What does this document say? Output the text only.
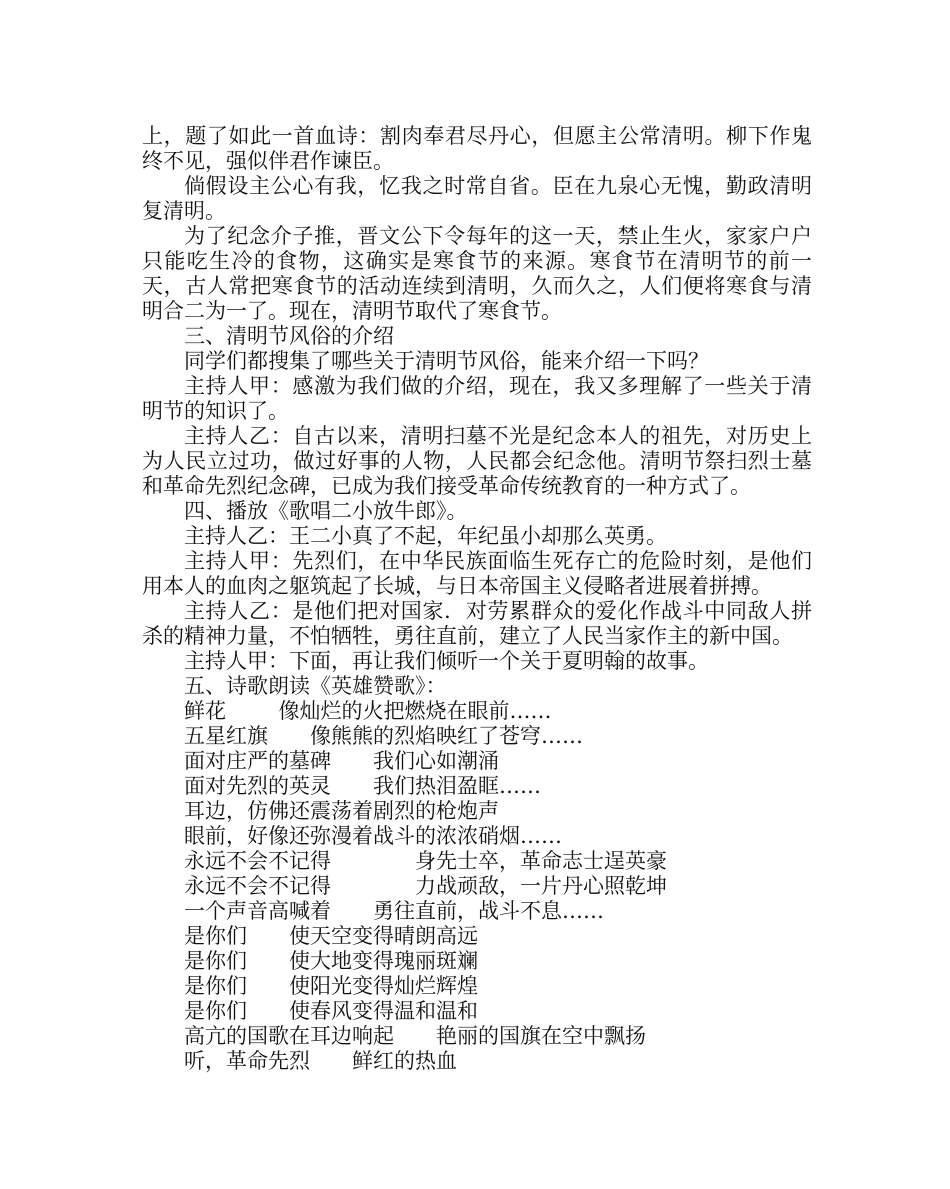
上，题了如此一首血诗：割肉奉君尽丹心，但愿主公常清明。柳下作鬼终不见，强似伴君作谏臣。

倘假设主公心有我，忆我之时常自省。臣在九泉心无愧，勤政清明复清明。

为了纪念介子推，晋文公下令每年的这一天，禁止生火，家家户户只能吃生冷的食物，这确实是寒食节的来源。寒食节在清明节的前一天，古人常把寒食节的活动连续到清明，久而久之，人们便将寒食与清明合二为一了。现在，清明节取代了寒食节。

三、清明节风俗的介绍

同学们都搜集了哪些关于清明节风俗，能来介绍一下吗？

主持人甲：感激为我们做的介绍，现在，我又多理解了一些关于清明节的知识了。

主持人乙：自古以来，清明扫墓不光是纪念本人的祖先，对历史上为人民立过功，做过好事的人物，人民都会纪念他。清明节祭扫烈士墓和革命先烈纪念碑，已成为我们接受革命传统教育的一种方式了。

四、播放《歌唱二小放牛郎》。

主持人乙：王二小真了不起，年纪虽小却那么英勇。

主持人甲：先烈们，在中华民族面临生死存亡的危险时刻，是他们用本人的血肉之躯筑起了长城，与日本帝国主义侵略者进展着拼搏。

主持人乙：是他们把对国家．对劳累群众的爱化作战斗中同敌人拼杀的精神力量，不怕牺牲，勇往直前，建立了人民当家作主的新中国。

主持人甲：下面，再让我们倾听一个关于夏明翰的故事。

五、诗歌朗读《英雄赞歌》：

鲜花	像灿烂的火把燃烧在眼前……
五星红旗 像熊熊的烈焰映红了苍穹……
面对庄严的墓碑 我们心如潮涌
面对先烈的英灵 我们热泪盈眶……
耳边，仿佛还震荡着剧烈的枪炮声
眼前，好像还弥漫着战斗的浓浓硝烟……
永远不会不记得	身先士卒，革命志士逞英豪
永远不会不记得	力战顽敌，一片丹心照乾坤
一个声音高喊着 勇往直前，战斗不息……
是你们 使天空变得晴朗高远
是你们 使大地变得瑰丽斑斓
是你们 使阳光变得灿烂辉煌
是你们 使春风变得温和温和
高亢的国歌在耳边响起 艳丽的国旗在空中飘扬
听，革命先烈 鲜红的热血
